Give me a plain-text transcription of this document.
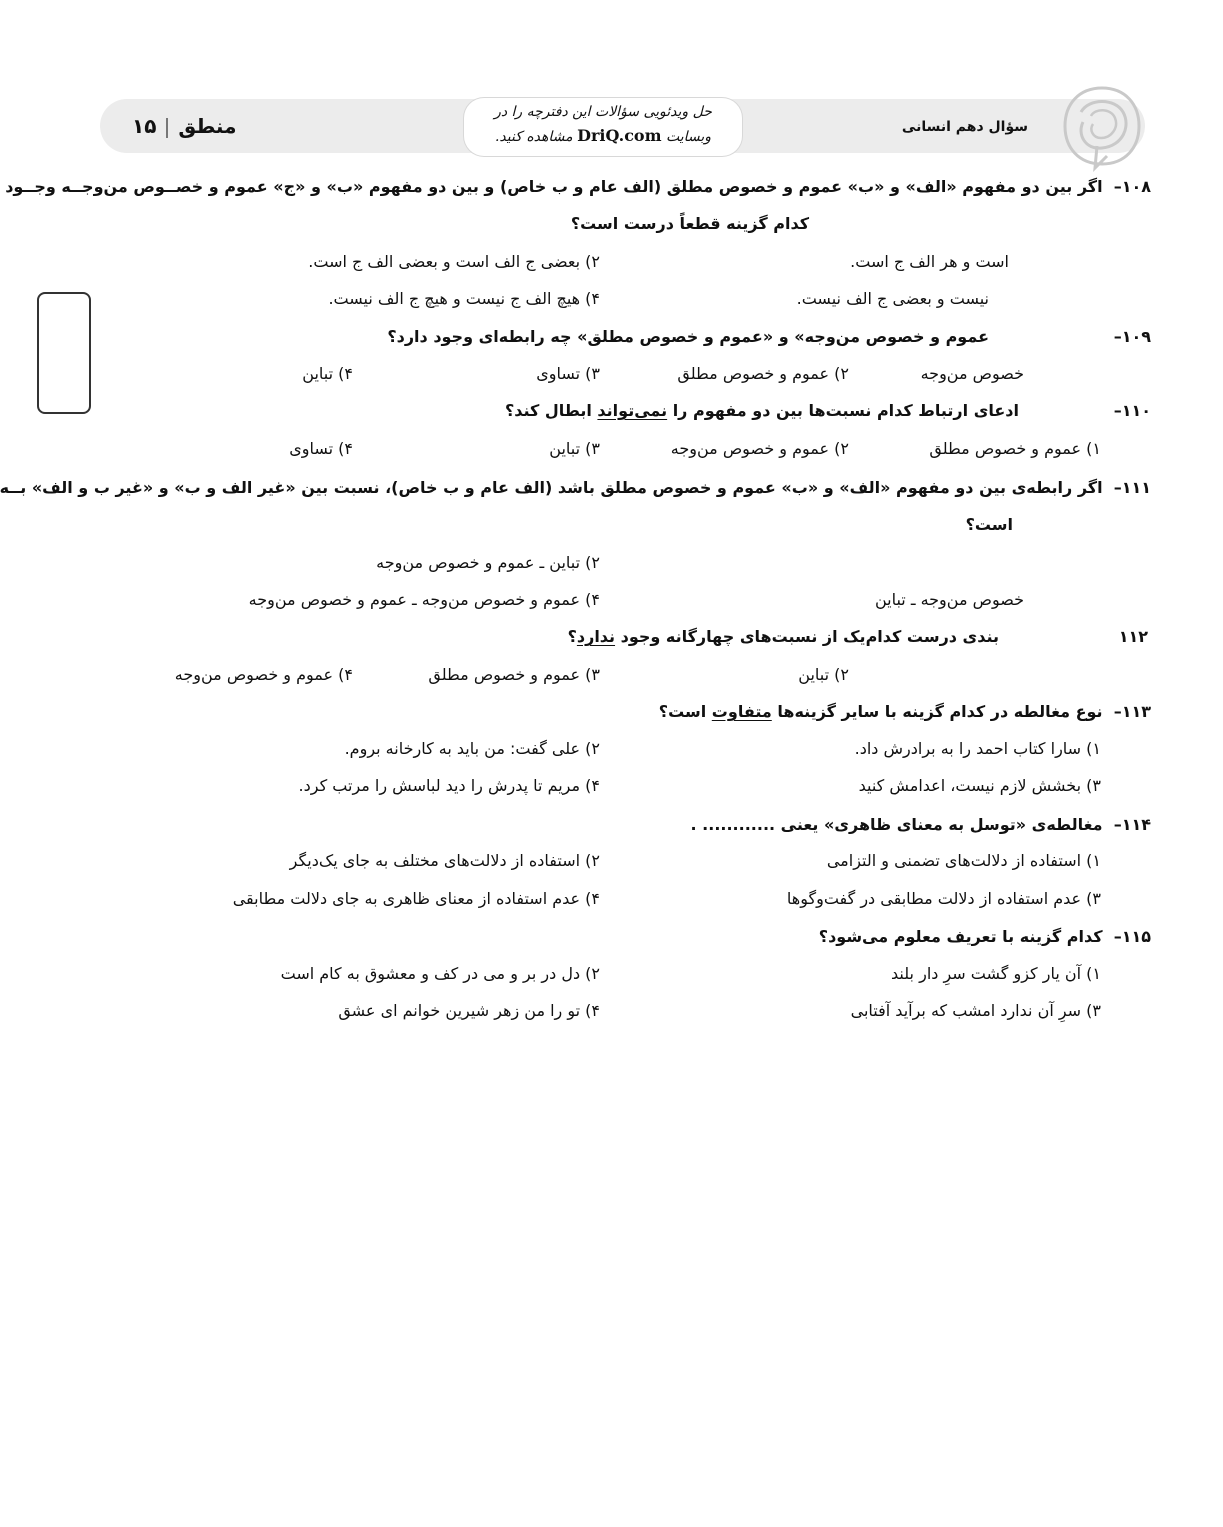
منطق۱۵
حل ویدئویی سؤالات این دفترچه را در
وبسایت DriQ.com مشاهده کنید.
سؤال دهم انسانی
۱۰۸–  اگر بین دو مفهوم «الف» و «ب» عموم و خصوص مطلق (الف عام و ب خاص) و بین دو مفهوم «ب» و «ج» عموم و خصــوص من‌وجــه وجــود
کدام گزینه قطعاً درست است؟
است و هر الف ج است.
۲) بعضی ج الف است و بعضی الف ج است.
نیست و بعضی ج الف نیست.
۴) هیچ الف ج نیست و هیچ ج الف نیست.
۱۰۹–
عموم و خصوص من‌وجه» و «عموم و خصوص مطلق» چه رابطه‌ای وجود دارد؟
خصوص من‌وجه
۲) عموم و خصوص مطلق
۳) تساوی
۴) تباین
۱۱۰–
ادعای ارتباط کدام نسبت‌ها بین دو مفهوم را نمی‌تواند ابطال کند؟
۱) عموم و خصوص مطلق
۲) عموم و خصوص من‌وجه
۳) تباین
۴) تساوی
۱۱۱–  اگر رابطه‌ی بین دو مفهوم «الف» و «ب» عموم و خصوص مطلق باشد (الف عام و ب خاص)، نسبت بین «غیر الف و ب» و «غیر ب و الف» بــه
است؟
۲) تباین ـ عموم و خصوص من‌وجه
خصوص من‌وجه ـ تباین
۴) عموم و خصوص من‌وجه ـ عموم و خصوص من‌وجه
۱۱۲
بندی درست کدام‌یک از نسبت‌های چهارگانه وجود ندارد؟
۲) تباین
۳) عموم و خصوص مطلق
۴) عموم و خصوص من‌وجه
۱۱۳–  نوع مغالطه در کدام گزینه با سایر گزینه‌ها متفاوت است؟
۱) سارا کتاب احمد را به برادرش داد.
۲) علی گفت: من باید به کارخانه بروم.
۳) بخشش لازم نیست، اعدامش کنید
۴) مریم تا پدرش را دید لباسش را مرتب کرد.
۱۱۴–  مغالطه‌ی «توسل به معنای ظاهری» یعنی ............ .
۱) استفاده از دلالت‌های تضمنی و التزامی
۲) استفاده از دلالت‌های مختلف به جای یک‌دیگر
۳) عدم استفاده از دلالت مطابقی در گفت‌وگوها
۴) عدم استفاده از معنای ظاهری به جای دلالت مطابقی
۱۱۵–  کدام گزینه با تعریف معلوم می‌شود؟
۱) آن یار کزو گشت سرِ دار بلند
۲) دل در بر و می در کف و معشوق به کام است
۳) سرِ آن ندارد امشب که برآید آفتابی
۴) تو را من زهر شیرین خوانم ای عشق
